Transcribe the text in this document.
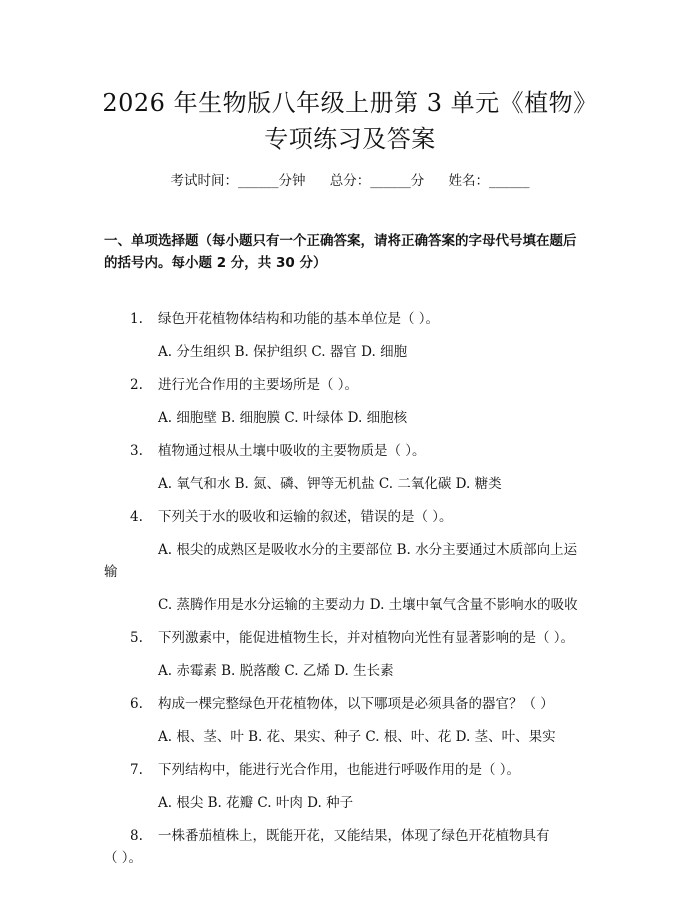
2026 年生物版八年级上册第 3 单元《植物》
专项练习及答案
考试时间：______分钟 总分：______分 姓名：______
一、单项选择题（每小题只有一个正确答案，请将正确答案的字母代号填在题后
的括号内。每小题 2 分，共 30 分）
1. 绿色开花植物体结构和功能的基本单位是（ ）。
A. 分生组织 B. 保护组织 C. 器官 D. 细胞
2. 进行光合作用的主要场所是（ ）。
A. 细胞壁 B. 细胞膜 C. 叶绿体 D. 细胞核
3. 植物通过根从土壤中吸收的主要物质是（ ）。
A. 氧气和水 B. 氮、磷、钾等无机盐 C. 二氧化碳 D. 糖类
4. 下列关于水的吸收和运输的叙述，错误的是（ ）。
A. 根尖的成熟区是吸收水分的主要部位 B. 水分主要通过木质部向上运
输
C. 蒸腾作用是水分运输的主要动力 D. 土壤中氧气含量不影响水的吸收
5. 下列激素中，能促进植物生长，并对植物向光性有显著影响的是（ ）。
A. 赤霉素 B. 脱落酸 C. 乙烯 D. 生长素
6. 构成一棵完整绿色开花植物体，以下哪项是必须具备的器官？（ ）
A. 根、茎、叶 B. 花、果实、种子 C. 根、叶、花 D. 茎、叶、果实
7. 下列结构中，能进行光合作用，也能进行呼吸作用的是（ ）。
A. 根尖 B. 花瓣 C. 叶肉 D. 种子
8. 一株番茄植株上，既能开花，又能结果，体现了绿色开花植物具有
（ ）。
